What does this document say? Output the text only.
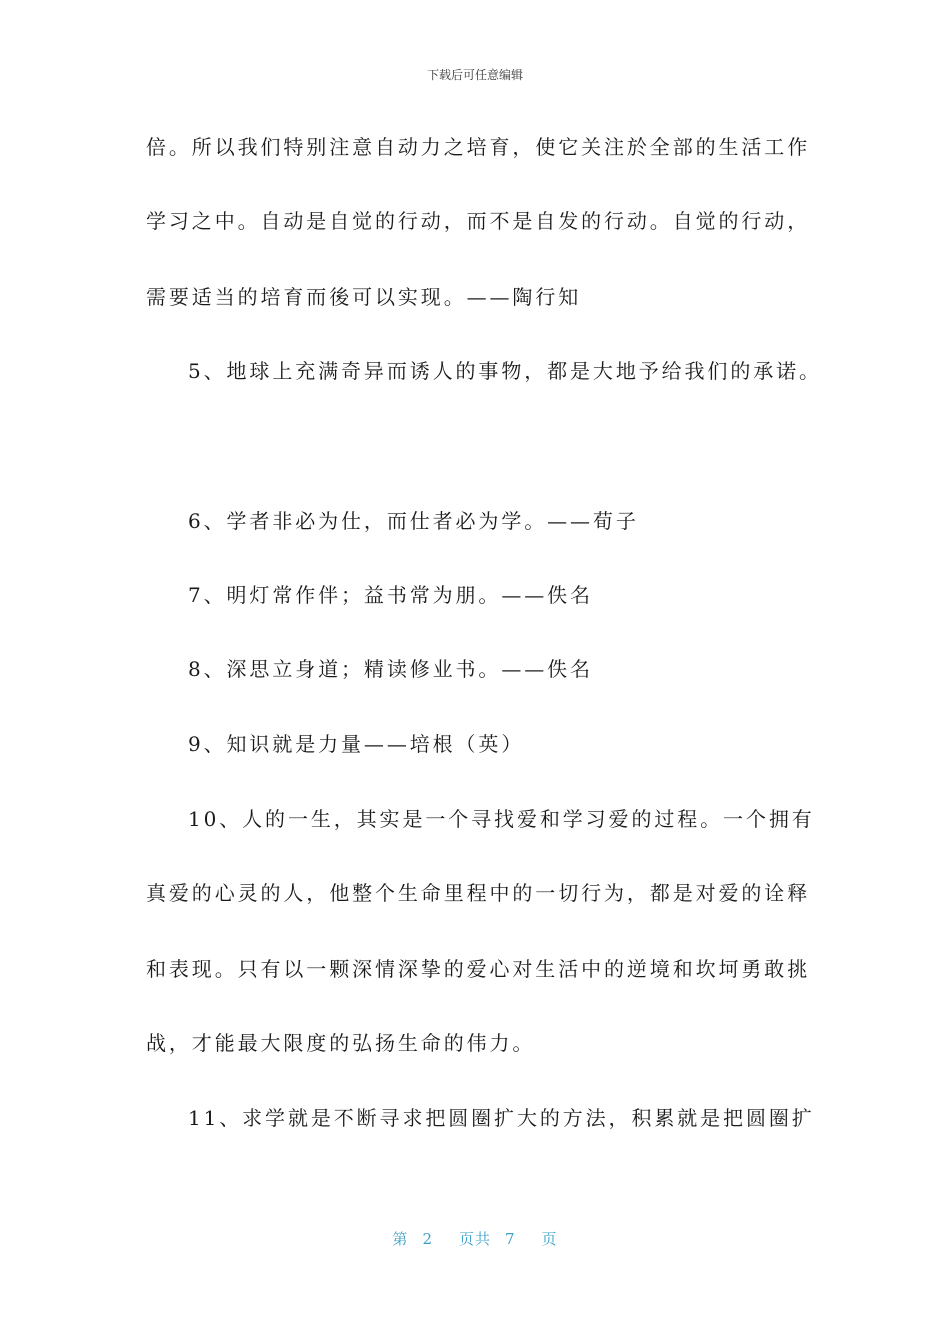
下载后可任意编辑
倍。所以我们特别注意自动力之培育，使它关注於全部的生活工作
学习之中。自动是自觉的行动，而不是自发的行动。自觉的行动，
需要适当的培育而後可以实现。——陶行知
5、地球上充满奇异而诱人的事物，都是大地予给我们的承诺。
6、学者非必为仕，而仕者必为学。——荀子
7、明灯常作伴；益书常为朋。——佚名
8、深思立身道；精读修业书。——佚名
9、知识就是力量——培根（英）
10、人的一生，其实是一个寻找爱和学习爱的过程。一个拥有
真爱的心灵的人，他整个生命里程中的一切行为，都是对爱的诠释
和表现。只有以一颗深情深挚的爱心对生活中的逆境和坎坷勇敢挑
战，才能最大限度的弘扬生命的伟力。
11、求学就是不断寻求把圆圈扩大的方法，积累就是把圆圈扩
第 2 页共 7 页
